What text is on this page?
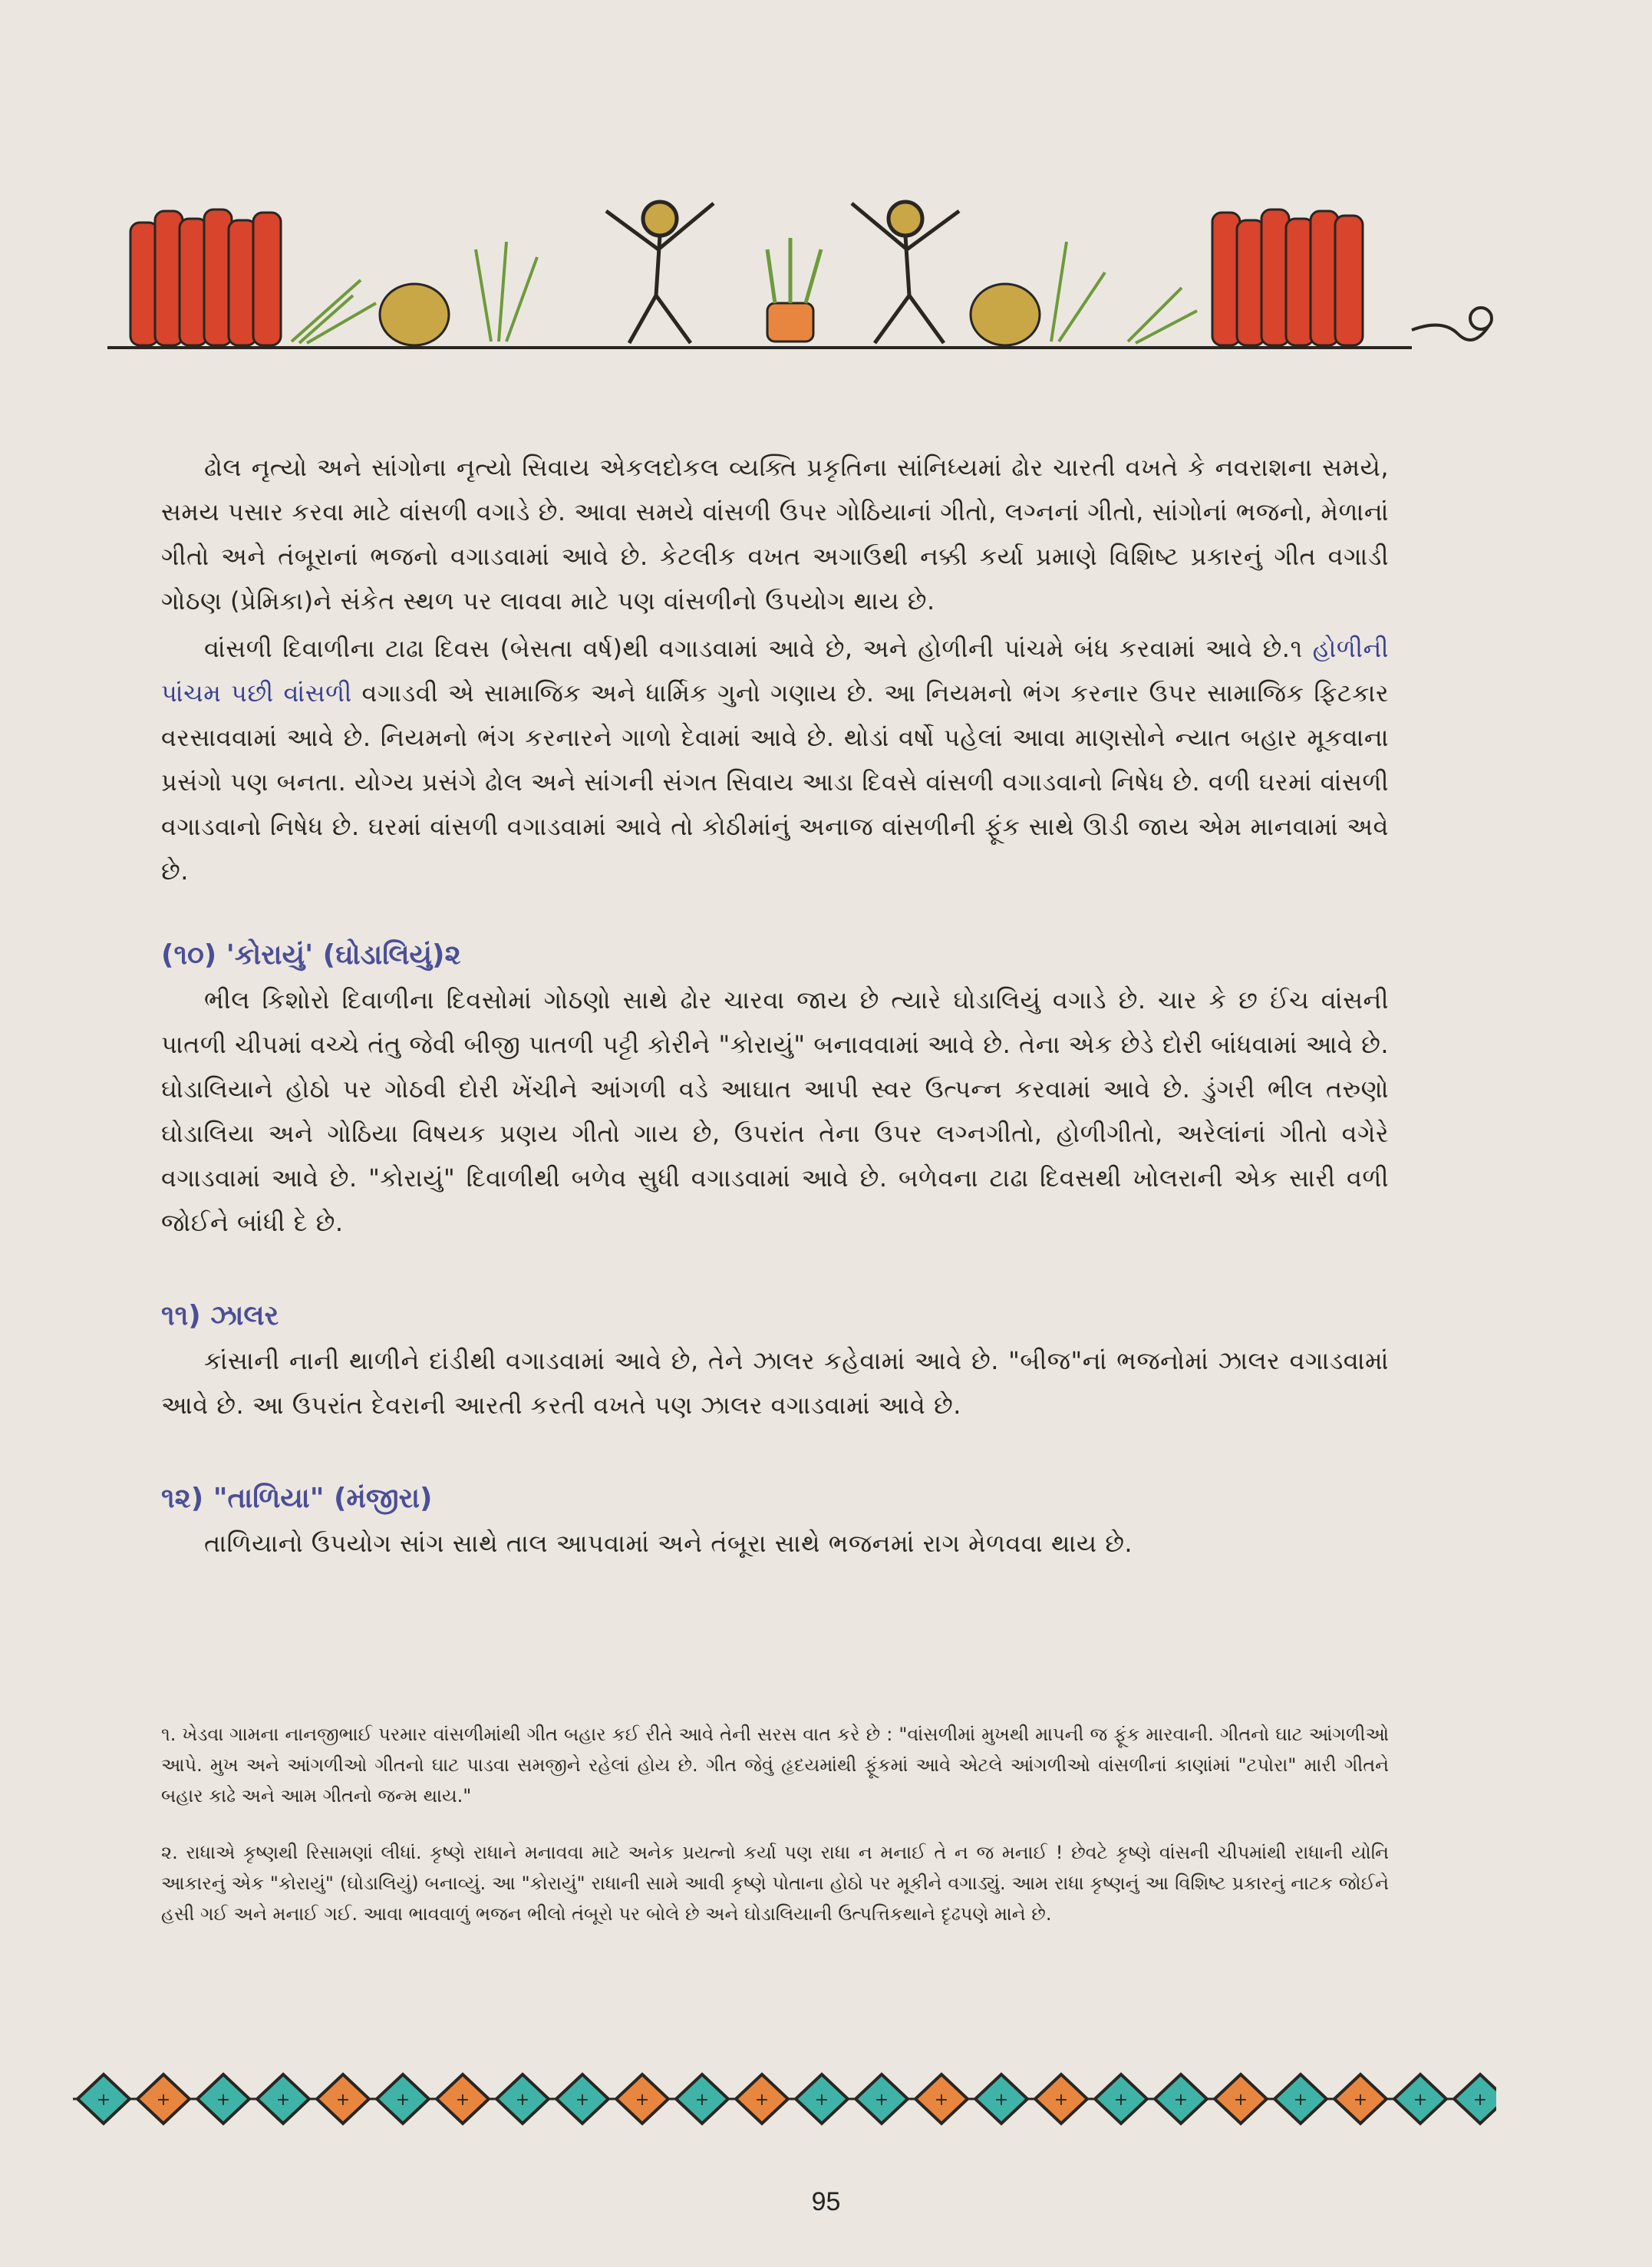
ઢોલ નૃત્યો અને સાંગોના નૃત્યો સિવાય એકલદોકલ વ્યક્તિ પ્રકૃતિના સાંનિધ્યમાં ઢોર ચારતી વખતે કે નવરાશના સમયે, સમય પસાર કરવા માટે વાંસળી વગાડે છે. આવા સમયે વાંસળી ઉપર ગોઠિયાનાં ગીતો, લગ્નનાં ગીતો, સાંગોનાં ભજનો, મેળાનાં ગીતો અને તંબૂરાનાં ભજનો વગાડવામાં આવે છે. કેટલીક વખત અગાઉથી નક્કી કર્યા પ્રમાણે વિશિષ્ટ પ્રકારનું ગીત વગાડી ગોઠણ (પ્રેમિકા)ને સંકેત સ્થળ પર લાવવા માટે પણ વાંસળીનો ઉપયોગ થાય છે.

વાંસળી દિવાળીના ટાઢા દિવસ (બેસતા વર્ષ)થી વગાડવામાં આવે છે, અને હોળીની પાંચમે બંધ કરવામાં આવે છે.૧ હોળીની પાંચમ પછી વાંસળી વગાડવી એ સામાજિક અને ધાર્મિક ગુનો ગણાય છે. આ નિયમનો ભંગ કરનાર ઉપર સામાજિક ફિટકાર વરસાવવામાં આવે છે. નિયમનો ભંગ કરનારને ગાળો દેવામાં આવે છે. થોડાં વર્ષો પહેલાં આવા માણસોને ન્યાત બહાર મૂકવાના પ્રસંગો પણ બનતા. યોગ્ય પ્રસંગે ઢોલ અને સાંગની સંગત સિવાય આડા દિવસે વાંસળી વગાડવાનો નિષેધ છે. વળી ઘરમાં વાંસળી વગાડવાનો નિષેધ છે. ઘરમાં વાંસળી વગાડવામાં આવે તો કોઠીમાંનું અનાજ વાંસળીની ફૂંક સાથે ઊડી જાય એમ માનવામાં અવે છે.

(૧૦) 'કોરાયું' (ઘોડાલિયું)૨

ભીલ કિશોરો દિવાળીના દિવસોમાં ગોઠણો સાથે ઢોર ચારવા જાય છે ત્યારે ઘોડાલિયું વગાડે છે. ચાર કે છ ઈંચ વાંસની પાતળી ચીપમાં વચ્ચે તંતુ જેવી બીજી પાતળી પટ્ટી કોરીને "કોરાયું" બનાવવામાં આવે છે. તેના એક છેડે દોરી બાંધવામાં આવે છે. ઘોડાલિયાને હોઠો પર ગોઠવી દોરી ખેંચીને આંગળી વડે આઘાત આપી સ્વર ઉત્પન્ન કરવામાં આવે છે. ડુંગરી ભીલ તરુણો ઘોડાલિયા અને ગોઠિયા વિષયક પ્રણય ગીતો ગાય છે, ઉપરાંત તેના ઉપર લગ્નગીતો, હોળીગીતો, અરેલાંનાં ગીતો વગેરે વગાડવામાં આવે છે. "કોરાયું" દિવાળીથી બળેવ સુધી વગાડવામાં આવે છે. બળેવના ટાઢા દિવસથી ખોલરાની એક સારી વળી જોઈને બાંધી દે છે.

૧૧) ઝાલર

કાંસાની નાની થાળીને દાંડીથી વગાડવામાં આવે છે, તેને ઝાલર કહેવામાં આવે છે. "બીજ"નાં ભજનોમાં ઝાલર વગાડવામાં આવે છે. આ ઉપરાંત દેવરાની આરતી કરતી વખતે પણ ઝાલર વગાડવામાં આવે છે.

૧૨) "તાળિયા" (મંજીરા)

તાળિયાનો ઉપયોગ સાંગ સાથે તાલ આપવામાં અને તંબૂરા સાથે ભજનમાં રાગ મેળવવા થાય છે.

૧. ખેડવા ગામના નાનજીભાઈ પરમાર વાંસળીમાંથી ગીત બહાર કઈ રીતે આવે તેની સરસ વાત કરે છે : "વાંસળીમાં મુખથી માપની જ ફૂંક મારવાની. ગીતનો ઘાટ આંગળીઓ આપે. મુખ અને આંગળીઓ ગીતનો ઘાટ પાડવા સમજીને રહેલાં હોય છે. ગીત જેવું હૃદયમાંથી ફૂંકમાં આવે એટલે આંગળીઓ વાંસળીનાં કાણાંમાં "ટપોરા" મારી ગીતને બહાર કાઢે અને આમ ગીતનો જન્મ થાય."

૨. રાધાએ કૃષ્ણથી રિસામણાં લીધાં. કૃષ્ણે રાધાને મનાવવા માટે અનેક પ્રયત્નો કર્યા પણ રાધા ન મનાઈ તે ન જ મનાઈ ! છેવટે કૃષ્ણે વાંસની ચીપમાંથી રાધાની યોનિ આકારનું એક "કોરાયું" (ઘોડાલિયું) બનાવ્યું. આ "કોરાયું" રાધાની સામે આવી કૃષ્ણે પોતાના હોઠો પર મૂકીને વગાડ્યું. આમ રાધા કૃષ્ણનું આ વિશિષ્ટ પ્રકારનું નાટક જોઈને હસી ગઈ અને મનાઈ ગઈ. આવા ભાવવાળું ભજન ભીલો તંબૂરો પર બોલે છે અને ઘોડાલિયાની ઉત્પત્તિકથાને દૃઢપણે માને છે.

+	+	+	+	+	+	+	+	+	+	+	+	+	+	+	+	+	+	+	+	+	+	+	+
95
